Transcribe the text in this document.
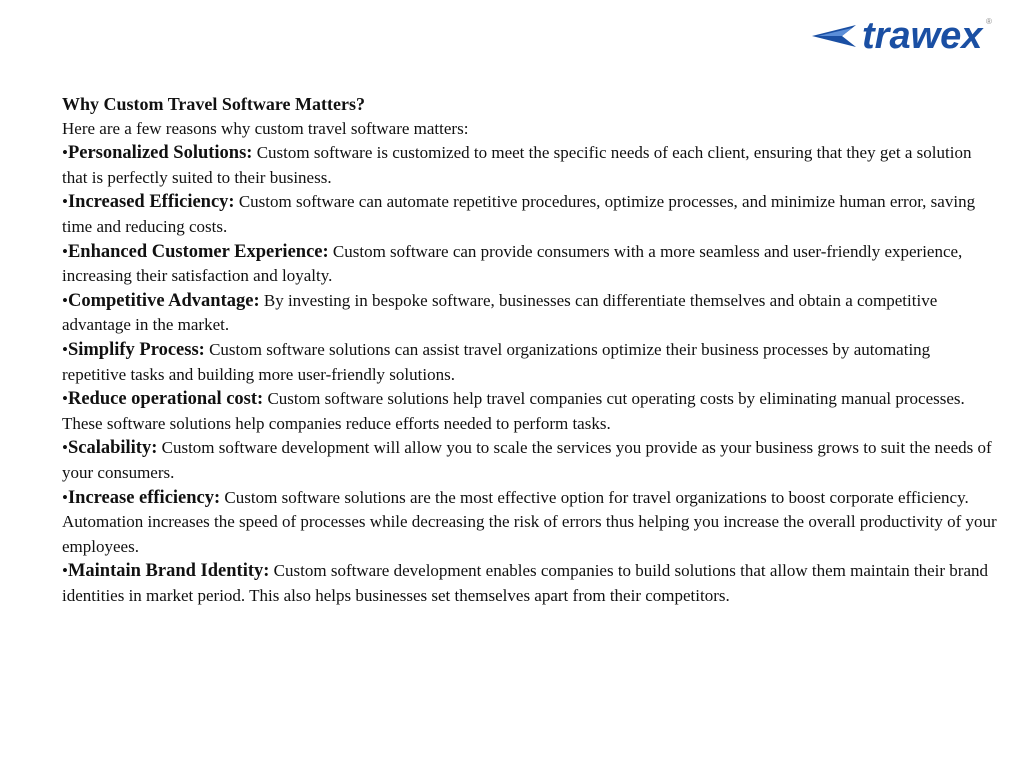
trawex ®
Why Custom Travel Software Matters?
Here are a few reasons why custom travel software matters:
•Personalized Solutions: Custom software is customized to meet the specific needs of each client, ensuring that they get a solution that is perfectly suited to their business.
•Increased Efficiency: Custom software can automate repetitive procedures, optimize processes, and minimize human error, saving time and reducing costs.
•Enhanced Customer Experience: Custom software can provide consumers with a more seamless and user-friendly experience, increasing their satisfaction and loyalty.
•Competitive Advantage: By investing in bespoke software, businesses can differentiate themselves and obtain a competitive advantage in the market.
•Simplify Process: Custom software solutions can assist travel organizations optimize their business processes by automating repetitive tasks and building more user-friendly solutions.
•Reduce operational cost: Custom software solutions help travel companies cut operating costs by eliminating manual processes. These software solutions help companies reduce efforts needed to perform tasks.
•Scalability: Custom software development will allow you to scale the services you provide as your business grows to suit the needs of your consumers.
•Increase efficiency: Custom software solutions are the most effective option for travel organizations to boost corporate efficiency. Automation increases the speed of processes while decreasing the risk of errors thus helping you increase the overall productivity of your employees.
•Maintain Brand Identity: Custom software development enables companies to build solutions that allow them maintain their brand identities in market period. This also helps businesses set themselves apart from their competitors.
